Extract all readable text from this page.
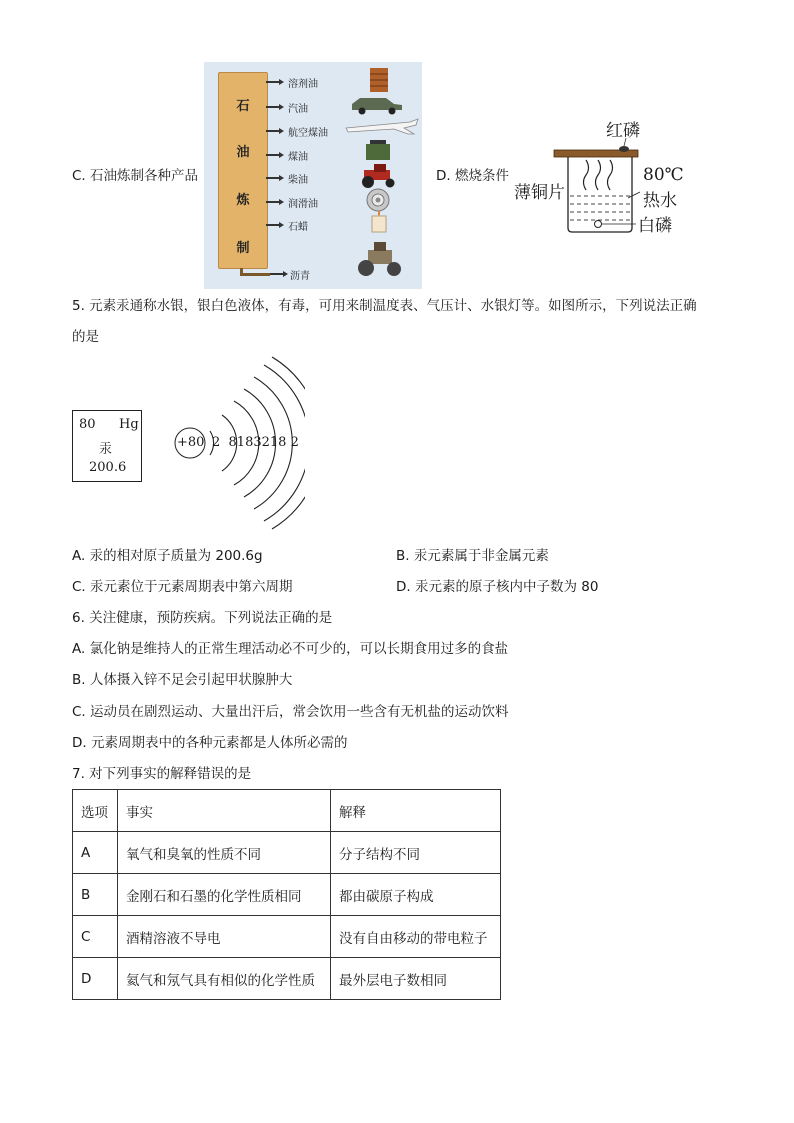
C. 石油炼制各种产品
石
油
炼
制
溶剂油
汽油
航空煤油
煤油
柴油
润滑油
石蜡
沥青
D. 燃烧条件
红磷
薄铜片
80℃
热水
白磷
5. 元素汞通称水银，银白色液体，有毒，可用来制温度表、气压计、水银灯等。如图所示，下列说法正确
的是
80 Hg
汞
200.6
+80 2  8183218 2
A. 汞的相对原子质量为 200.6g	B. 汞元素属于非金属元素
C. 汞元素位于元素周期表中第六周期	D. 汞元素的原子核内中子数为 80
6. 关注健康，预防疾病。下列说法正确的是
A. 氯化钠是维持人的正常生理活动必不可少的，可以长期食用过多的食盐
B. 人体摄入锌不足会引起甲状腺肿大
C. 运动员在剧烈运动、大量出汗后，常会饮用一些含有无机盐的运动饮料
D. 元素周期表中的各种元素都是人体所必需的
7. 对下列事实的解释错误的是
选项	事实	解释
A	氧气和臭氧的性质不同	分子结构不同
B	金刚石和石墨的化学性质相同	都由碳原子构成
C	酒精溶液不导电	没有自由移动的带电粒子
D	氦气和氖气具有相似的化学性质	最外层电子数相同
